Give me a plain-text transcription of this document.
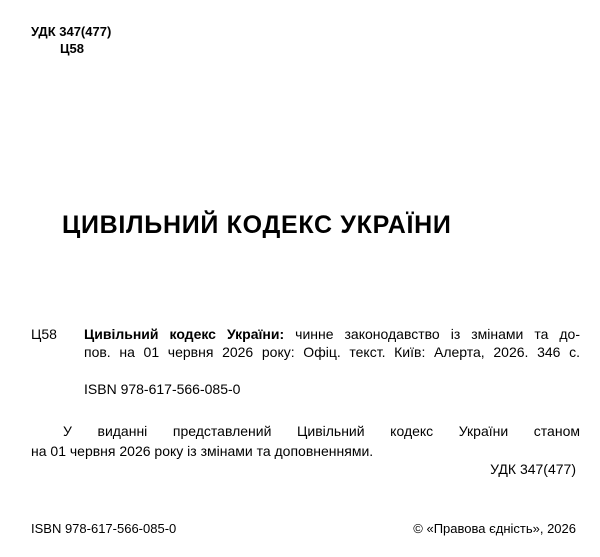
УДК 347(477)
Ц58
ЦИВІЛЬНИЙ КОДЕКС УКРАЇНИ
Ц58 Цивільний кодекс України: чинне законодавство із змінами та до-
пов. на 01 червня 2026 року: Офіц. текст. Київ: Алерта, 2026. 346 с.
ISBN 978-617-566-085-0
У виданні представлений Цивільний кодекс України станом
на 01 червня 2026 року із змінами та доповненнями.
УДК 347(477)
ISBN 978-617-566-085-0	© «Правова єдність», 2026
